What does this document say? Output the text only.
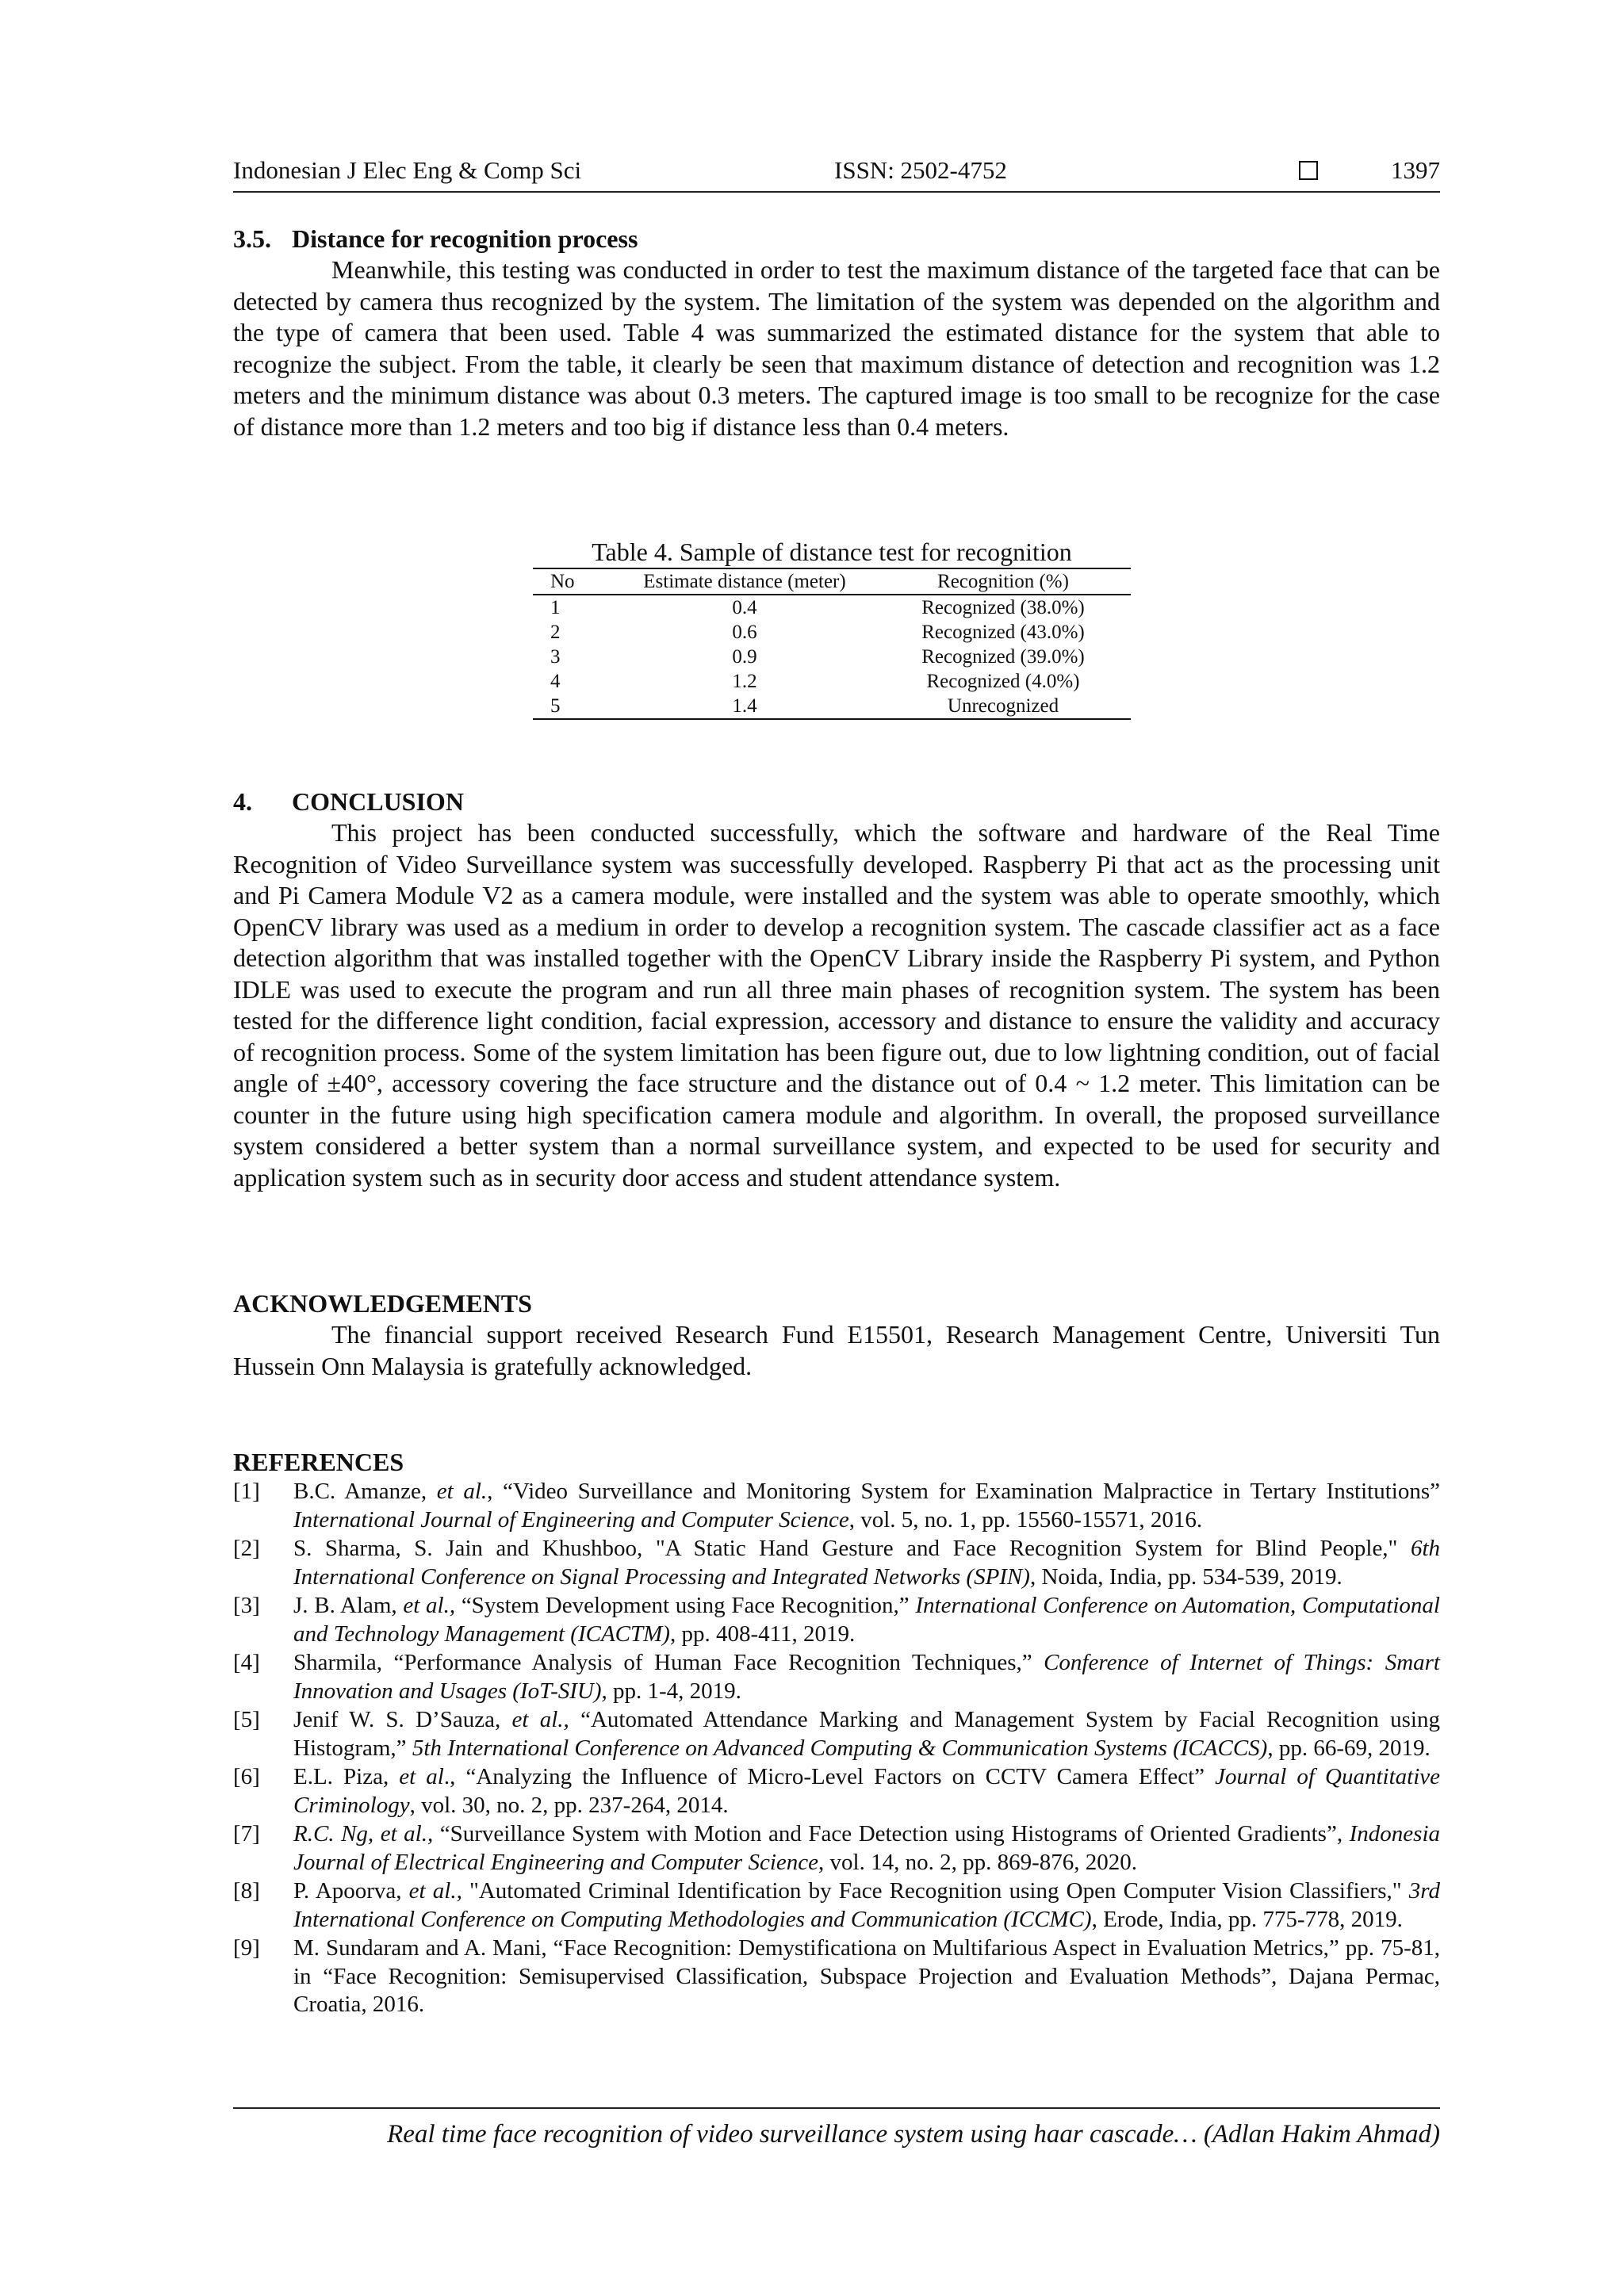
Indonesian J Elec Eng & Comp Sci	ISSN: 2502-4752	1397
3.5. Distance for recognition process

Meanwhile, this testing was conducted in order to test the maximum distance of the targeted face that can be detected by camera thus recognized by the system. The limitation of the system was depended on the algorithm and the type of camera that been used. Table 4 was summarized the estimated distance for the system that able to recognize the subject. From the table, it clearly be seen that maximum distance of detection and recognition was 1.2 meters and the minimum distance was about 0.3 meters. The captured image is too small to be recognize for the case of distance more than 1.2 meters and too big if distance less than 0.4 meters.

Table 4. Sample of distance test for recognition
No	Estimate distance (meter)	Recognition (%)
1	0.4	Recognized (38.0%)
2	0.6	Recognized (43.0%)
3	0.9	Recognized (39.0%)
4	1.2	Recognized (4.0%)
5	1.4	Unrecognized
4. CONCLUSION

This project has been conducted successfully, which the software and hardware of the Real Time Recognition of Video Surveillance system was successfully developed. Raspberry Pi that act as the processing unit and Pi Camera Module V2 as a camera module, were installed and the system was able to operate smoothly, which OpenCV library was used as a medium in order to develop a recognition system. The cascade classifier act as a face detection algorithm that was installed together with the OpenCV Library inside the Raspberry Pi system, and Python IDLE was used to execute the program and run all three main phases of recognition system. The system has been tested for the difference light condition, facial expression, accessory and distance to ensure the validity and accuracy of recognition process. Some of the system limitation has been figure out, due to low lightning condition, out of facial angle of ±40°, accessory covering the face structure and the distance out of 0.4 ~ 1.2 meter. This limitation can be counter in the future using high specification camera module and algorithm. In overall, the proposed surveillance system considered a better system than a normal surveillance system, and expected to be used for security and application system such as in security door access and student attendance system.

ACKNOWLEDGEMENTS

The financial support received Research Fund E15501, Research Management Centre, Universiti Tun Hussein Onn Malaysia is gratefully acknowledged.

REFERENCES
[1]	B.C. Amanze, et al., “Video Surveillance and Monitoring System for Examination Malpractice in Tertary Institutions” International Journal of Engineering and Computer Science, vol. 5, no. 1, pp. 15560-15571, 2016.
[2]	S. Sharma, S. Jain and Khushboo, "A Static Hand Gesture and Face Recognition System for Blind People," 6th International Conference on Signal Processing and Integrated Networks (SPIN), Noida, India, pp. 534-539, 2019.
[3]	J. B. Alam, et al., “System Development using Face Recognition,” International Conference on Automation, Computational and Technology Management (ICACTM), pp. 408-411, 2019.
[4]	Sharmila, “Performance Analysis of Human Face Recognition Techniques,” Conference of Internet of Things: Smart Innovation and Usages (IoT-SIU), pp. 1-4, 2019.
[5]	Jenif W. S. D’Sauza, et al., “Automated Attendance Marking and Management System by Facial Recognition using Histogram,” 5th International Conference on Advanced Computing & Communication Systems (ICACCS), pp. 66-69, 2019.
[6]	E.L. Piza, et al., “Analyzing the Influence of Micro-Level Factors on CCTV Camera Effect” Journal of Quantitative Criminology, vol. 30, no. 2, pp. 237-264, 2014.
[7]	R.C. Ng, et al., “Surveillance System with Motion and Face Detection using Histograms of Oriented Gradients”, Indonesia Journal of Electrical Engineering and Computer Science, vol. 14, no. 2, pp. 869-876, 2020.
[8]	P. Apoorva, et al., "Automated Criminal Identification by Face Recognition using Open Computer Vision Classifiers," 3rd International Conference on Computing Methodologies and Communication (ICCMC), Erode, India, pp. 775-778, 2019.
[9]	M. Sundaram and A. Mani, “Face Recognition: Demystificationa on Multifarious Aspect in Evaluation Metrics,” pp. 75-81, in “Face Recognition: Semisupervised Classification, Subspace Projection and Evaluation Methods”, Dajana Permac, Croatia, 2016.
Real time face recognition of video surveillance system using haar cascade… (Adlan Hakim Ahmad)
